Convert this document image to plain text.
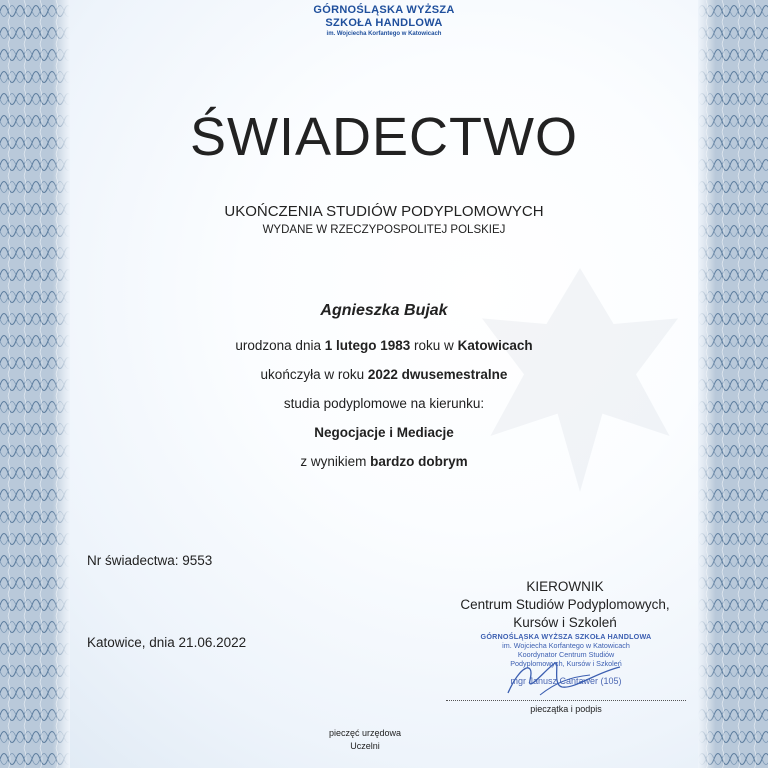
GÓRNOŚLĄSKA WYŻSZA
SZKOŁA HANDLOWA
im. Wojciecha Korfantego w Katowicach
ŚWIADECTWO
UKOŃCZENIA STUDIÓW PODYPLOMOWYCH
WYDANE W RZECZYPOSPOLITEJ POLSKIEJ
Agnieszka Bujak
urodzona dnia 1 lutego 1983 roku w Katowicach
ukończyła w roku 2022 dwusemestralne
studia podyplomowe na kierunku:
Negocjacje i Mediacje
z wynikiem bardzo dobrym
Nr świadectwa: 9553
Katowice, dnia 21.06.2022
KIEROWNIK
Centrum Studiów Podyplomowych,
Kursów i Szkoleń
GÓRNOŚLĄSKA WYŻSZA SZKOŁA HANDLOWA
im. Wojciecha Korfantego w Katowicach
Koordynator Centrum Studiów
Podyplomowych, Kursów i Szkoleń
mgr Janusz Cantawer (105)
pieczątka i podpis
pieczęć urzędowa
Uczelni
